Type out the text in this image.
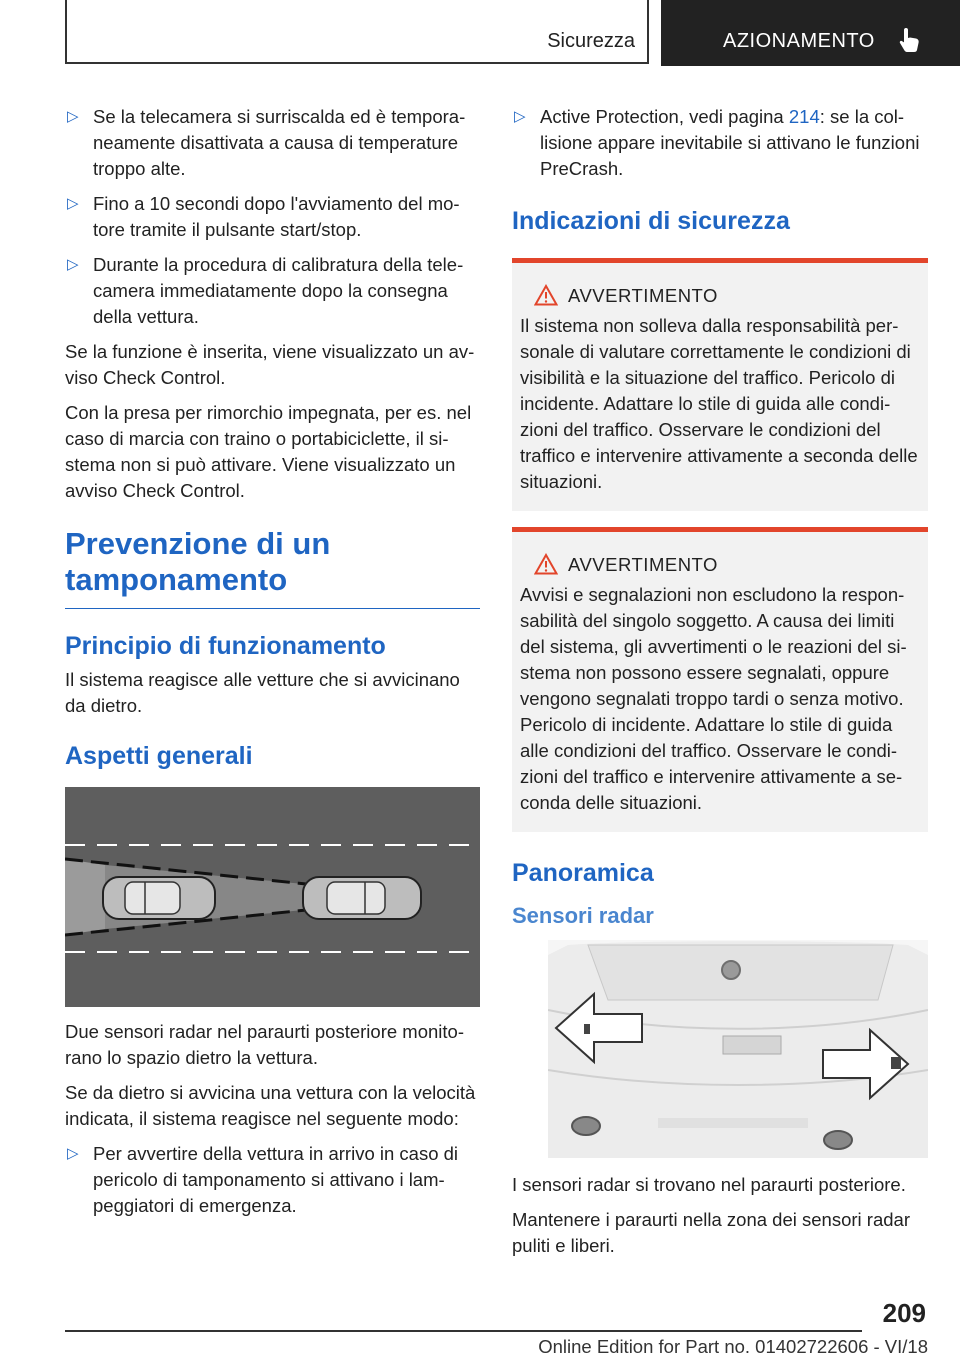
Sicurezza	AZIONAMENTO
▷ Se la telecamera si surriscalda ed è temporaneamente disattivata a causa di temperature troppo alte.
▷ Fino a 10 secondi dopo l'avviamento del motore tramite il pulsante start/stop.
▷ Durante la procedura di calibratura della telecamera immediatamente dopo la consegna della vettura.

Se la funzione è inserita, viene visualizzato un avviso Check Control.

Con la presa per rimorchio impegnata, per es. nel caso di marcia con traino o portabiciclette, il sistema non si può attivare. Viene visualizzato un avviso Check Control.

Prevenzione di un tamponamento
Principio di funzionamento

Il sistema reagisce alle vetture che si avvicinano da dietro.

Aspetti generali

Due sensori radar nel paraurti posteriore monitorano lo spazio dietro la vettura.

Se da dietro si avvicina una vettura con la velocità indicata, il sistema reagisce nel seguente modo:

▷ Per avvertire della vettura in arrivo in caso di pericolo di tamponamento si attivano i lampeggiatori di emergenza.
▷ Active Protection, vedi pagina 214: se la collisione appare inevitabile si attivano le funzioni PreCrash.
Indicazioni di sicurezza
AVVERTIMENTO
Il sistema non solleva dalla responsabilità personale di valutare correttamente le condizioni di visibilità e la situazione del traffico. Pericolo di incidente. Adattare lo stile di guida alle condizioni del traffico. Osservare le condizioni del traffico e intervenire attivamente a seconda delle situazioni.
AVVERTIMENTO
Avvisi e segnalazioni non escludono la responsabilità del singolo soggetto. A causa dei limiti del sistema, gli avvertimenti o le reazioni del sistema non possono essere segnalati, oppure vengono segnalati troppo tardi o senza motivo. Pericolo di incidente. Adattare lo stile di guida alle condizioni del traffico. Osservare le condizioni del traffico e intervenire attivamente a seconda delle situazioni.
Panoramica
Sensori radar

I sensori radar si trovano nel paraurti posteriore.

Mantenere i paraurti nella zona dei sensori radar puliti e liberi.

209
Online Edition for Part no. 01402722606 - VI/18
